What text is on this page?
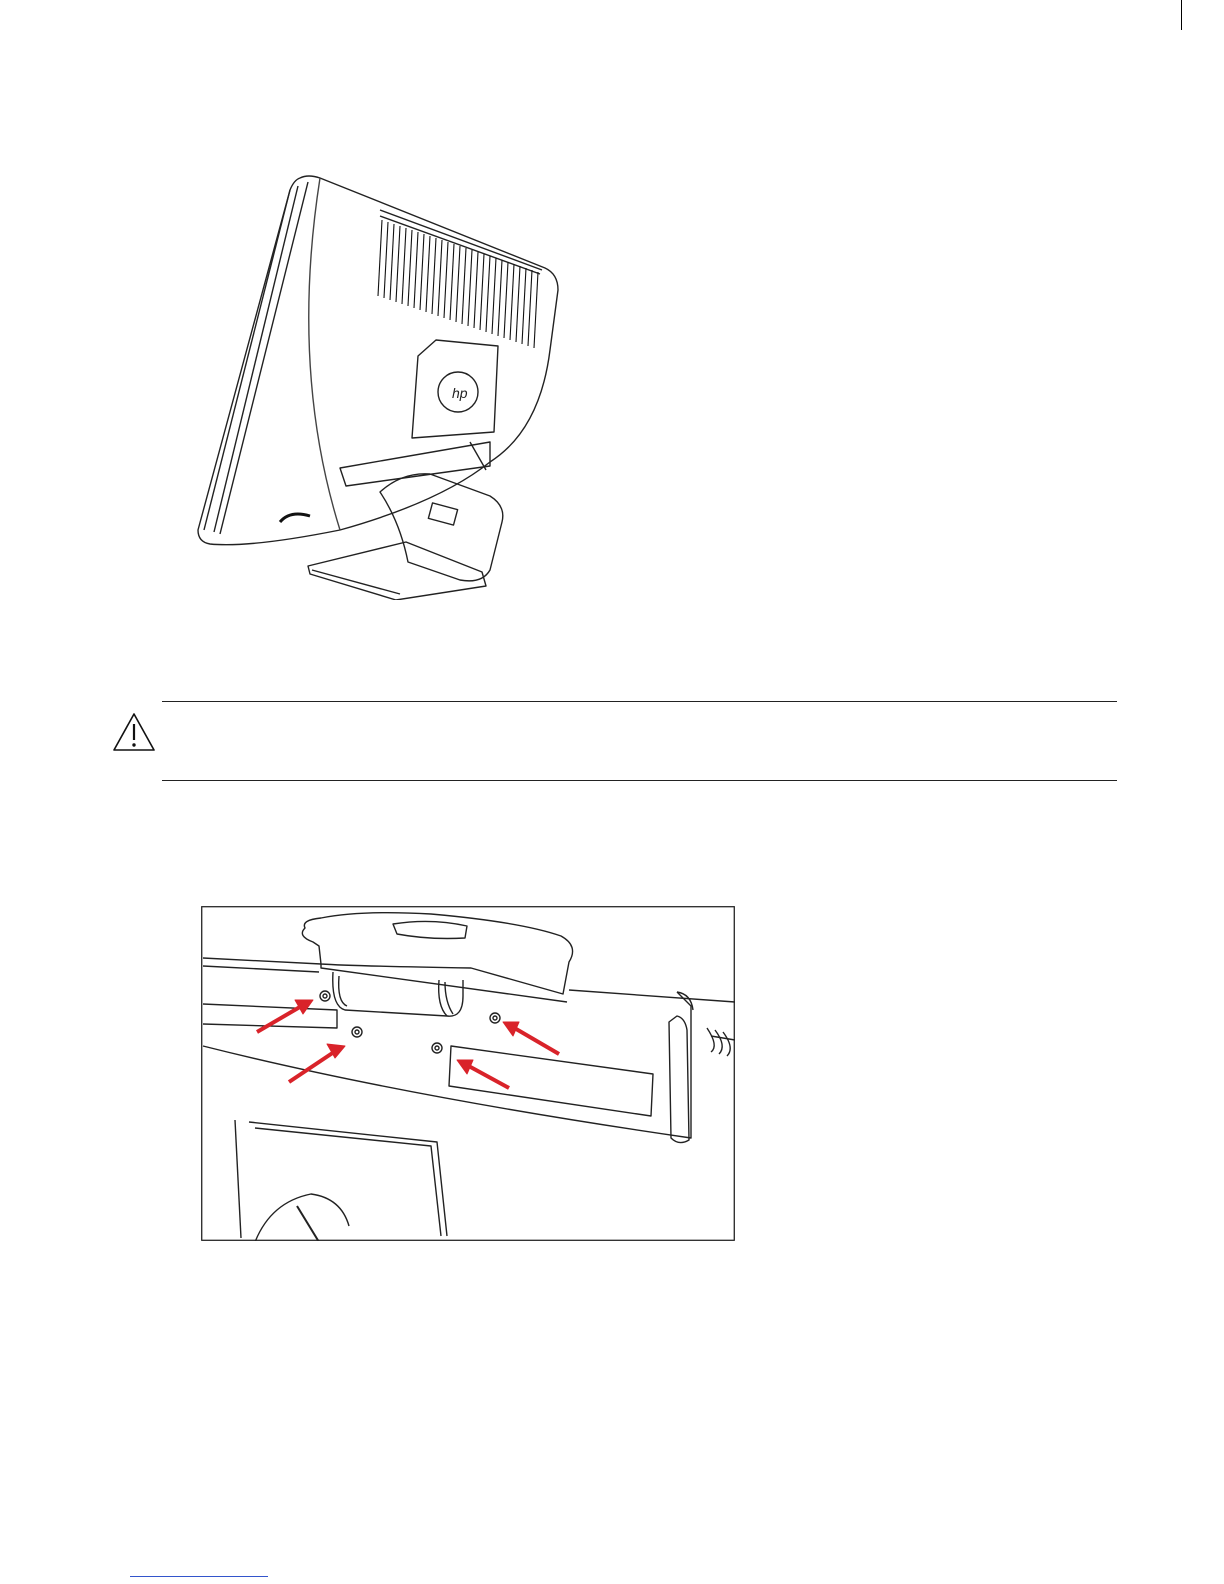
hp
